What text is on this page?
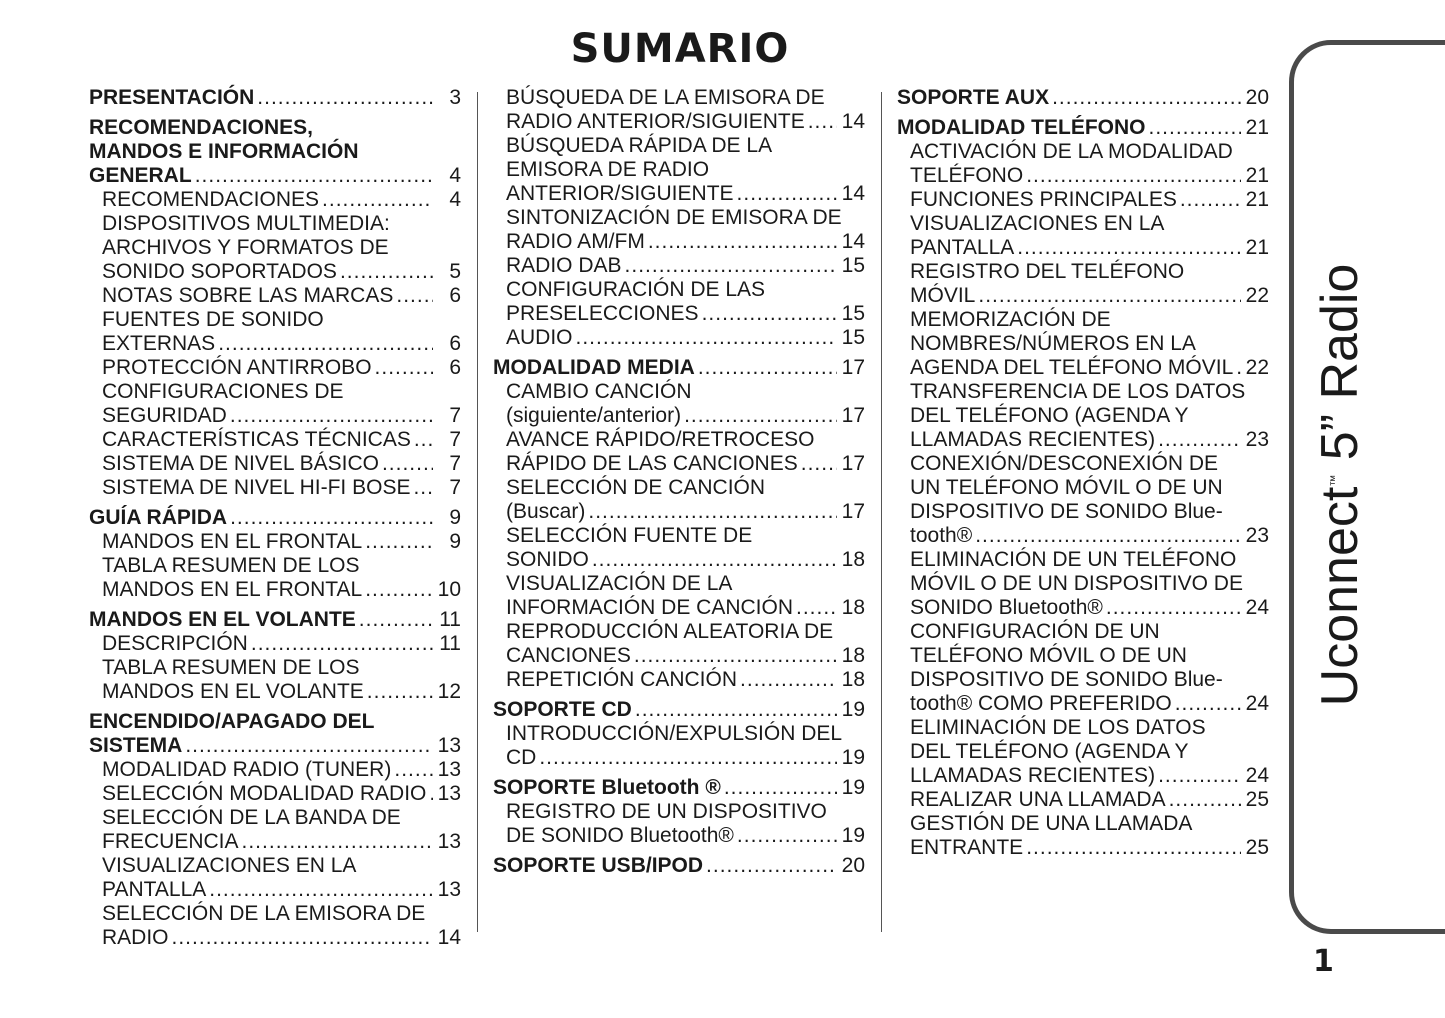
SUMARIO
PRESENTACIÓN .....	3
RECOMENDACIONES,
MANDOS E INFORMACIÓN
GENERAL .....	4
RECOMENDACIONES .....	4
DISPOSITIVOS MULTIMEDIA:
ARCHIVOS Y FORMATOS DE
SONIDO SOPORTADOS .....	5
NOTAS SOBRE LAS MARCAS .....	6
FUENTES DE SONIDO
EXTERNAS .....	6
PROTECCIÓN ANTIRROBO .....	6
CONFIGURACIONES DE
SEGURIDAD .....	7
CARACTERÍSTICAS TÉCNICAS .....	7
SISTEMA DE NIVEL BÁSICO .....	7
SISTEMA DE NIVEL HI-FI BOSE .....	7
GUÍA RÁPIDA .....	9
MANDOS EN EL FRONTAL .....	9
TABLA RESUMEN DE LOS
MANDOS EN EL FRONTAL .....	10
MANDOS EN EL VOLANTE .....	11
DESCRIPCIÓN .....	11
TABLA RESUMEN DE LOS
MANDOS EN EL VOLANTE .....	12
ENCENDIDO/APAGADO DEL
SISTEMA .....	13
MODALIDAD RADIO (TUNER) ..... 13
SELECCIÓN MODALIDAD RADIO ..... 13
SELECCIÓN DE LA BANDA DE
FRECUENCIA .....	13
VISUALIZACIONES EN LA
PANTALLA .....	13
SELECCIÓN DE LA EMISORA DE
RADIO .....	14
BÚSQUEDA DE LA EMISORA DE
RADIO ANTERIOR/SIGUIENTE ..... 14
BÚSQUEDA RÁPIDA DE LA
EMISORA DE RADIO
ANTERIOR/SIGUIENTE .....	14
SINTONIZACIÓN DE EMISORA DE
RADIO AM/FM .....	14
RADIO DAB .....	15
CONFIGURACIÓN DE LAS
PRESELECCIONES .....	15
AUDIO .....	15
MODALIDAD MEDIA .....	17
CAMBIO CANCIÓN
(siguiente/anterior) .....	17
AVANCE RÁPIDO/RETROCESO
RÁPIDO DE LAS CANCIONES ..... 17
SELECCIÓN DE CANCIÓN
(Buscar) .....	17
SELECCIÓN FUENTE DE
SONIDO .....	18
VISUALIZACIÓN DE LA
INFORMACIÓN DE CANCIÓN ..... 18
REPRODUCCIÓN ALEATORIA DE
CANCIONES .....	18
REPETICIÓN CANCIÓN .....	18
SOPORTE CD .....	19
INTRODUCCIÓN/EXPULSIÓN DEL
CD .....	19
SOPORTE Bluetooth ® .....	19
REGISTRO DE UN DISPOSITIVO
DE SONIDO Bluetooth® .....	19
SOPORTE USB/IPOD .....	20
SOPORTE AUX .....	20
MODALIDAD TELÉFONO .....	21
ACTIVACIÓN DE LA MODALIDAD
TELÉFONO .....	21
FUNCIONES PRINCIPALES .....	21
VISUALIZACIONES EN LA
PANTALLA .....	21
REGISTRO DEL TELÉFONO
MÓVIL .....	22
MEMORIZACIÓN DE
NOMBRES/NÚMEROS EN LA
AGENDA DEL TELÉFONO MÓVIL ..... 22
TRANSFERENCIA DE LOS DATOS
DEL TELÉFONO (AGENDA Y
LLAMADAS RECIENTES) .....	23
CONEXIÓN/DESCONEXIÓN DE
UN TELÉFONO MÓVIL O DE UN
DISPOSITIVO DE SONIDO Blue-
tooth® .....	23
ELIMINACIÓN DE UN TELÉFONO
MÓVIL O DE UN DISPOSITIVO DE
SONIDO Bluetooth® .....	24
CONFIGURACIÓN DE UN
TELÉFONO MÓVIL O DE UN
DISPOSITIVO DE SONIDO Blue-
tooth® COMO PREFERIDO .....	24
ELIMINACIÓN DE LOS DATOS
DEL TELÉFONO (AGENDA Y
LLAMADAS RECIENTES) .....	24
REALIZAR UNA LLAMADA .....	25
GESTIÓN DE UNA LLAMADA
ENTRANTE .....	25
Uconnect™ 5” Radio
1
